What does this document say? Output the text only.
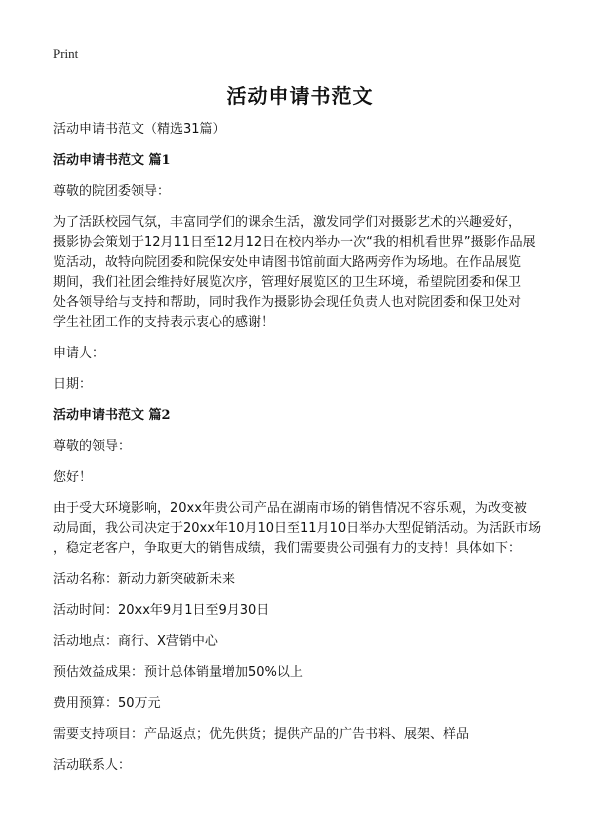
Print
活动申请书范文

活动申请书范文（精选31篇）

活动申请书范文 篇1

尊敬的院团委领导：

为了活跃校园气氛，丰富同学们的课余生活，激发同学们对摄影艺术的兴趣爱好，
摄影协会策划于12月11日至12月12日在校内举办一次“我的相机看世界”摄影作品展
览活动，故特向院团委和院保安处申请图书馆前面大路两旁作为场地。在作品展览
期间，我们社团会维持好展览次序，管理好展览区的卫生环境，希望院团委和保卫
处各领导给与支持和帮助，同时我作为摄影协会现任负责人也对院团委和保卫处对
学生社团工作的支持表示衷心的感谢！

申请人：

日期：

活动申请书范文 篇2

尊敬的领导：

您好！

由于受大环境影响，20xx年贵公司产品在湖南市场的销售情况不容乐观，为改变被
动局面，我公司决定于20xx年10月10日至11月10日举办大型促销活动。为活跃市场
，稳定老客户，争取更大的销售成绩，我们需要贵公司强有力的支持！具体如下：

活动名称：新动力新突破新未来

活动时间：20xx年9月1日至9月30日

活动地点：商行、X营销中心

预估效益成果：预计总体销量增加50%以上

费用预算：50万元

需要支持项目：产品返点；优先供货；提供产品的广告书料、展架、样品

活动联系人：
